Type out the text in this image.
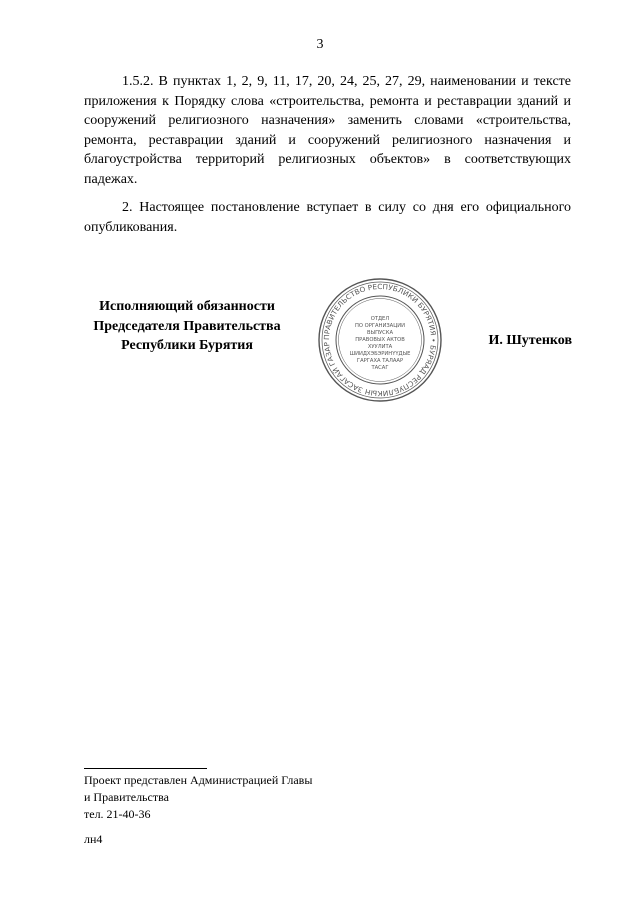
3

1.5.2. В пунктах 1, 2, 9, 11, 17, 20, 24, 25, 27, 29, наименовании и тексте приложения к Порядку слова «строительства, ремонта и реставрации зданий и сооружений религиозного назначения» заменить словами «строительства, ремонта, реставрации зданий и сооружений религиозного назначения и благоустройства территорий религиозных объектов» в соответствующих падежах.

2. Настоящее постановление вступает в силу со дня его официального опубликования.

Исполняющий обязанности
Председателя Правительства
Республики Бурятия
ПРАВИТЕЛЬСТВО РЕСПУБЛИКИ БУРЯТИЯ • БУРЯАД РЕСПУБЛИКЫН ЗАСАГАЙ ГАЗАР
ОТДЕЛ
ПО ОРГАНИЗАЦИИ
ВЫПУСКА
ПРАВОВЫХ АКТОВ
ХУУЛИТА
ШИИДХЭБЭРИНҮҮДЫЕ
ГАРГАХА ТАЛААР
ТАСАГ
И. Шутенков
Проект представлен Администрацией Главы
и Правительства
тел. 21-40-36
лн4
